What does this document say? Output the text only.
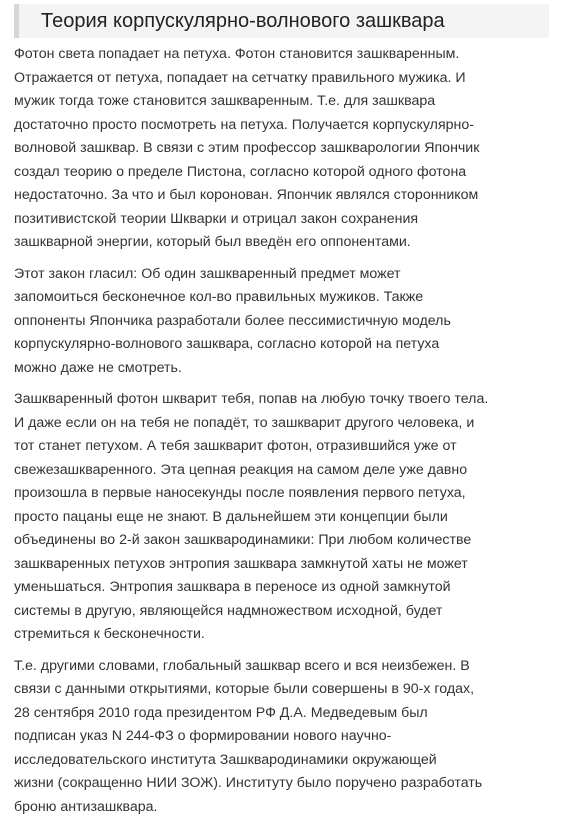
Теория корпускулярно-волнового зашквара

Фотон света попадает на петуха. Фотон становится зашкваренным.
Отражается от петуха, попадает на сетчатку правильного мужика. И
мужик тогда тоже становится зашкваренным. Т.е. для зашквара
достаточно просто посмотреть на петуха. Получается корпускулярно-
волновой зашквар. В связи с этим профессор зашкварологии Япончик
создал теорию о пределе Пистона, согласно которой одного фотона
недостаточно. За что и был коронован. Япончик являлся сторонником
позитивистской теории Шкварки и отрицал закон сохранения
зашкварной энергии, который был введён его оппонентами.

Этот закон гласил: Об один зашкваренный предмет может
запомоиться бесконечное кол-во правильных мужиков. Также
оппоненты Япончика разработали более пессимистичную модель
корпускулярно-волнового зашквара, согласно которой на петуха
можно даже не смотреть.

Зашкваренный фотон шкварит тебя, попав на любую точку твоего тела.
И даже если он на тебя не попадёт, то зашкварит другого человека, и
тот станет петухом. А тебя зашкварит фотон, отразившийся уже от
свежезашкваренного. Эта цепная реакция на самом деле уже давно
произошла в первые наносекунды после появления первого петуха,
просто пацаны еще не знают. В дальнейшем эти концепции были
объединены во 2-й закон зашквародинамики: При любом количестве
зашкваренных петухов энтропия зашквара замкнутой хаты не может
уменьшаться. Энтропия зашквара в переносе из одной замкнутой
системы в другую, являющейся надмножеством исходной, будет
стремиться к бесконечности.

Т.е. другими словами, глобальный зашквар всего и вся неизбежен. В
связи с данными открытиями, которые были совершены в 90-х годах,
28 сентября 2010 года президентом РФ Д.А. Медведевым был
подписан указ N 244-ФЗ о формировании нового научно-
исследовательского института Зашквародинамики окружающей
жизни (сокращенно НИИ ЗОЖ). Институту было поручено разработать
броню антизашквара.
